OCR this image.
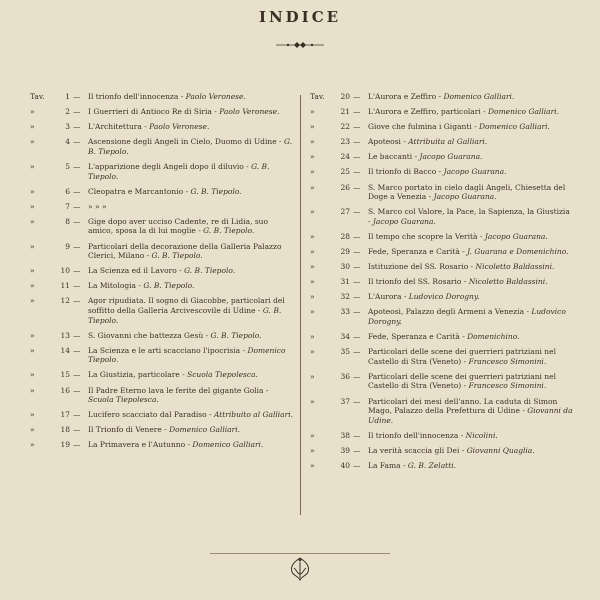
INDICE
Tav.	1 — Il trionfo dell'innocenza - Paolo Veronese.
»	2 — I Guerrieri di Antioco Re di Siria - Paolo Veronese.
»	3 — L'Architettura - Paolo Veronese.
»	4 — Ascensione degli Angeli in Cielo, Duomo di Udine - G. B. Tiepolo.
»	5 — L'apparizione degli Angeli dopo il diluvio - G. B. Tiepolo.
»	6 — Cleopatra e Marcantonio - G. B. Tiepolo.
»	7 — » » »
»	8 — Gige dopo aver ucciso Cadente, re di Lidia, suo amico, sposa la di lui moglie - G. B. Tiepolo.
»	9 — Particolari della decorazione della Galleria Palazzo Clerici, Milano - G. B. Tiepolo.
»	10 — La Scienza ed il Lavoro - G. B. Tiepolo.
»	11 — La Mitologia - G. B. Tiepolo.
»	12 — Agor ripudiata. Il sogno di Giacobbe, particolari del soffitto della Galleria Arcivescovile di Udine - G. B. Tiepolo.
»	13 — S. Giovanni che battezza Gesù - G. B. Tiepolo.
»	14 — La Scienza e le arti scacciano l'ipocrisia - Domenico Tiepolo.
»	15 — La Giustizia, particolare - Scuola Tiepolesca.
»	16 — Il Padre Eterno lava le ferite del gigante Golia - Scuola Tiepolesca.
»	17 — Lucifero scacciato dal Paradiso - Attribuito al Galliari.
»	18 — Il Trionfo di Venere - Domenico Galliari.
»	19 — La Primavera e l'Autunno - Domenico Galliari.
Tav.	20 — L'Aurora e Zeffiro - Domenico Galliari.
»	21 — L'Aurora e Zeffiro, particolari - Domenico Galliari.
»	22 — Giove che fulmina i Giganti - Domenico Galliari.
»	23 — Apoteosi - Attribuita al Galliari.
»	24 — Le baccanti - Jacopo Guarana.
»	25 — Il trionfo di Bacco - Jacopo Guarana.
»	26 — S. Marco portato in cielo dagli Angeli, Chiesetta del Doge a Venezia - Jacopo Guarana.
»	27 — S. Marco col Valore, la Pace, la Sapienza, la Giustizia - Jacopo Guarana.
»	28 — Il tempo che scopre la Verità - Jacopo Guarana.
»	29 — Fede, Speranza e Carità - J. Guarana e Domenichino.
»	30 — Istituzione del SS. Rosario - Nicoletto Baldassini.
»	31 — Il trionfo del SS. Rosario - Nicoletto Baldassini.
»	32 — L'Aurora - Ludovico Dorogny.
»	33 — Apoteosi, Palazzo degli Armeni a Venezia - Ludovico Dorogny.
»	34 — Fede, Speranza e Carità - Domenichino.
»	35 — Particolari delle scene dei guerrieri patriziani nel Castello di Stra (Veneto) - Francesco Simonini.
»	36 — Particolari delle scene dei guerrieri patriziani nel Castello di Stra (Veneto) - Francesco Simonini.
»	37 — Particolari dei mesi dell'anno. La caduta di Simon Mago, Palazzo della Prefettura di Udine - Giovanni da Udine.
»	38 — Il trionfo dell'innocenza - Nicolini.
»	39 — La verità scaccia gli Dei - Giovanni Quaglia.
»	40 — La Fama - G. B. Zelatti.
